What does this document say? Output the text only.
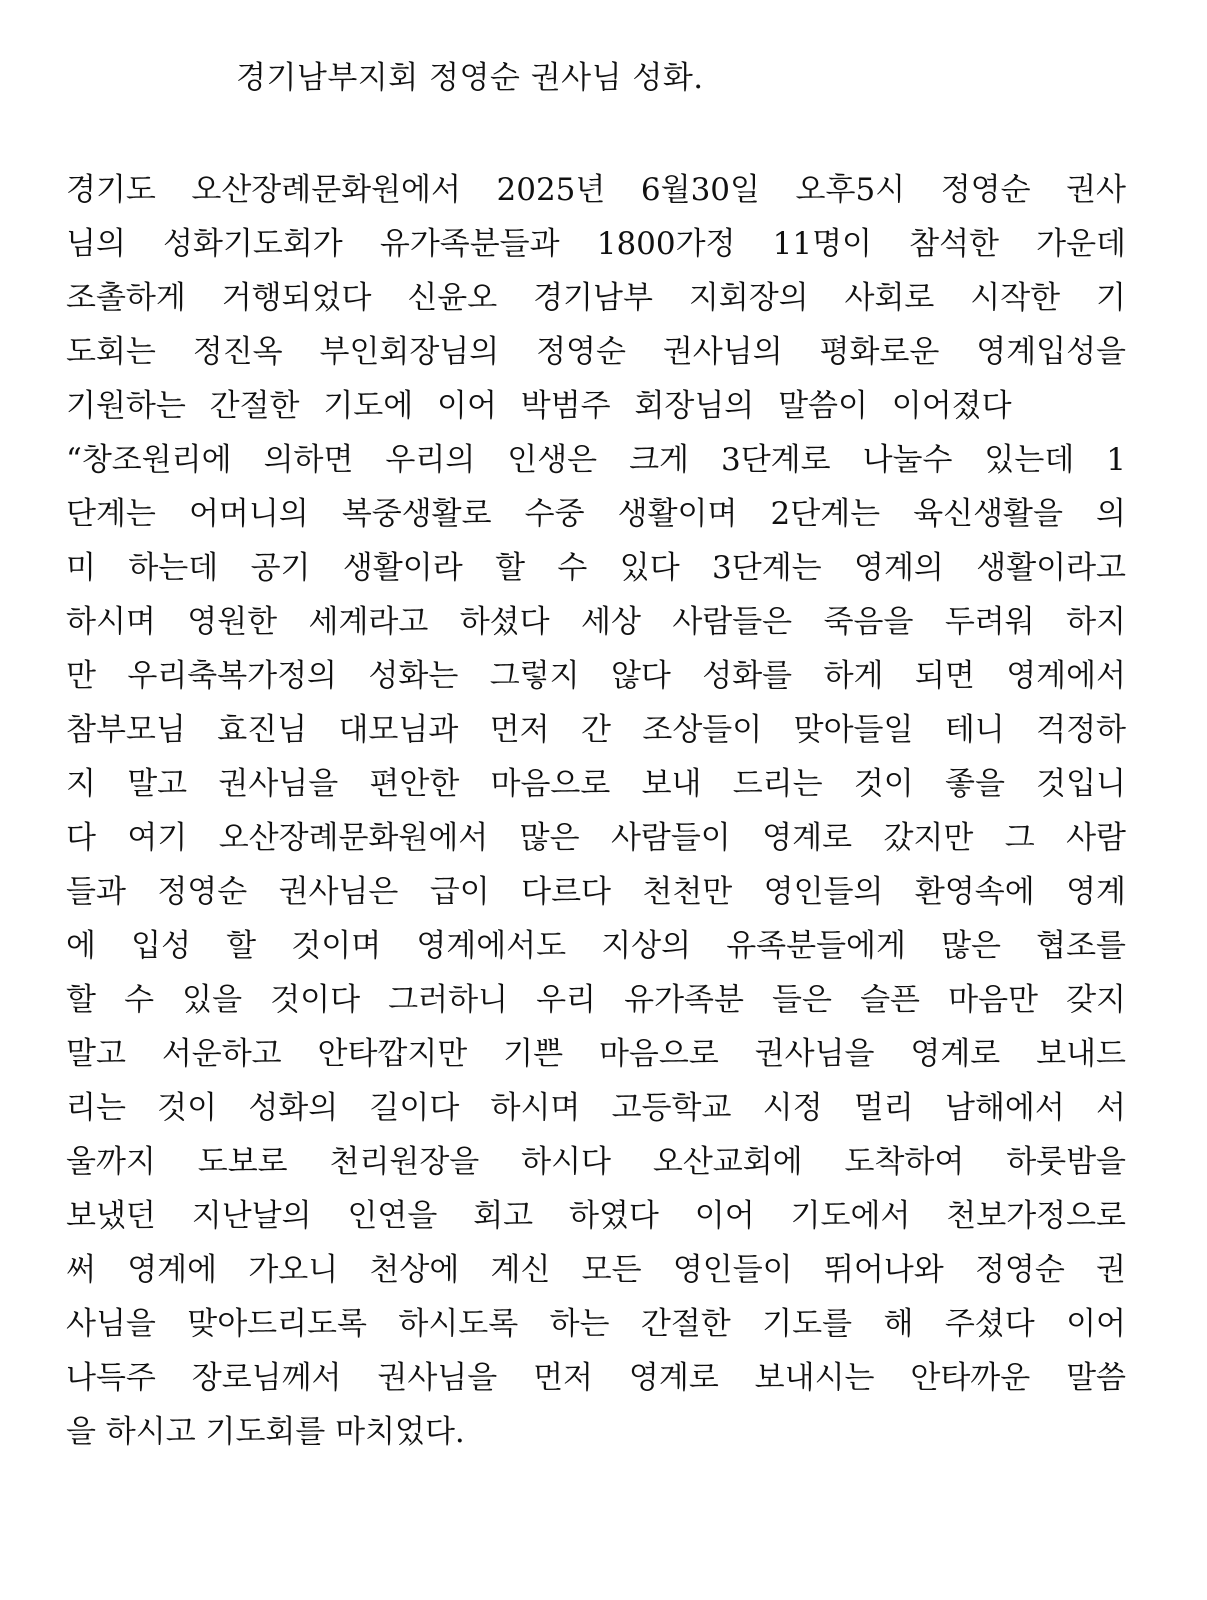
경기남부지회 정영순 권사님 성화.
경기도 오산장례문화원에서 2025년 6월30일 오후5시 정영순 권사
님의 성화기도회가 유가족분들과 1800가정 11명이 참석한 가운데
조촐하게 거행되었다 신윤오 경기남부 지회장의 사회로 시작한 기
도회는 정진옥 부인회장님의 정영순 권사님의 평화로운 영계입성을
기원하는 간절한 기도에 이어 박범주 회장님의 말씀이 이어졌다
“창조원리에 의하면 우리의 인생은 크게 3단계로 나눌수 있는데 1
단계는 어머니의 복중생활로 수중 생활이며 2단계는 육신생활을 의
미 하는데 공기 생활이라 할 수 있다 3단계는 영계의 생활이라고
하시며 영원한 세계라고 하셨다 세상 사람들은 죽음을 두려워 하지
만 우리축복가정의 성화는 그렇지 않다 성화를 하게 되면 영계에서
참부모님 효진님 대모님과 먼저 간 조상들이 맞아들일 테니 걱정하
지 말고 권사님을 편안한 마음으로 보내 드리는 것이 좋을 것입니
다 여기 오산장례문화원에서 많은 사람들이 영계로 갔지만 그 사람
들과 정영순 권사님은 급이 다르다 천천만 영인들의 환영속에 영계
에 입성 할 것이며 영계에서도 지상의 유족분들에게 많은 협조를
할 수 있을 것이다 그러하니 우리 유가족분 들은 슬픈 마음만 갖지
말고 서운하고 안타깝지만 기쁜 마음으로 권사님을 영계로 보내드
리는 것이 성화의 길이다 하시며 고등학교 시정 멀리 남해에서 서
울까지 도보로 천리원장을 하시다 오산교회에 도착하여 하룻밤을
보냈던 지난날의 인연을 회고 하였다 이어 기도에서 천보가정으로
써 영계에 가오니 천상에 계신 모든 영인들이 뛰어나와 정영순 권
사님을 맞아드리도록 하시도록 하는 간절한 기도를 해 주셨다 이어
나득주 장로님께서 권사님을 먼저 영계로 보내시는 안타까운 말씀
을 하시고 기도회를 마치었다.
